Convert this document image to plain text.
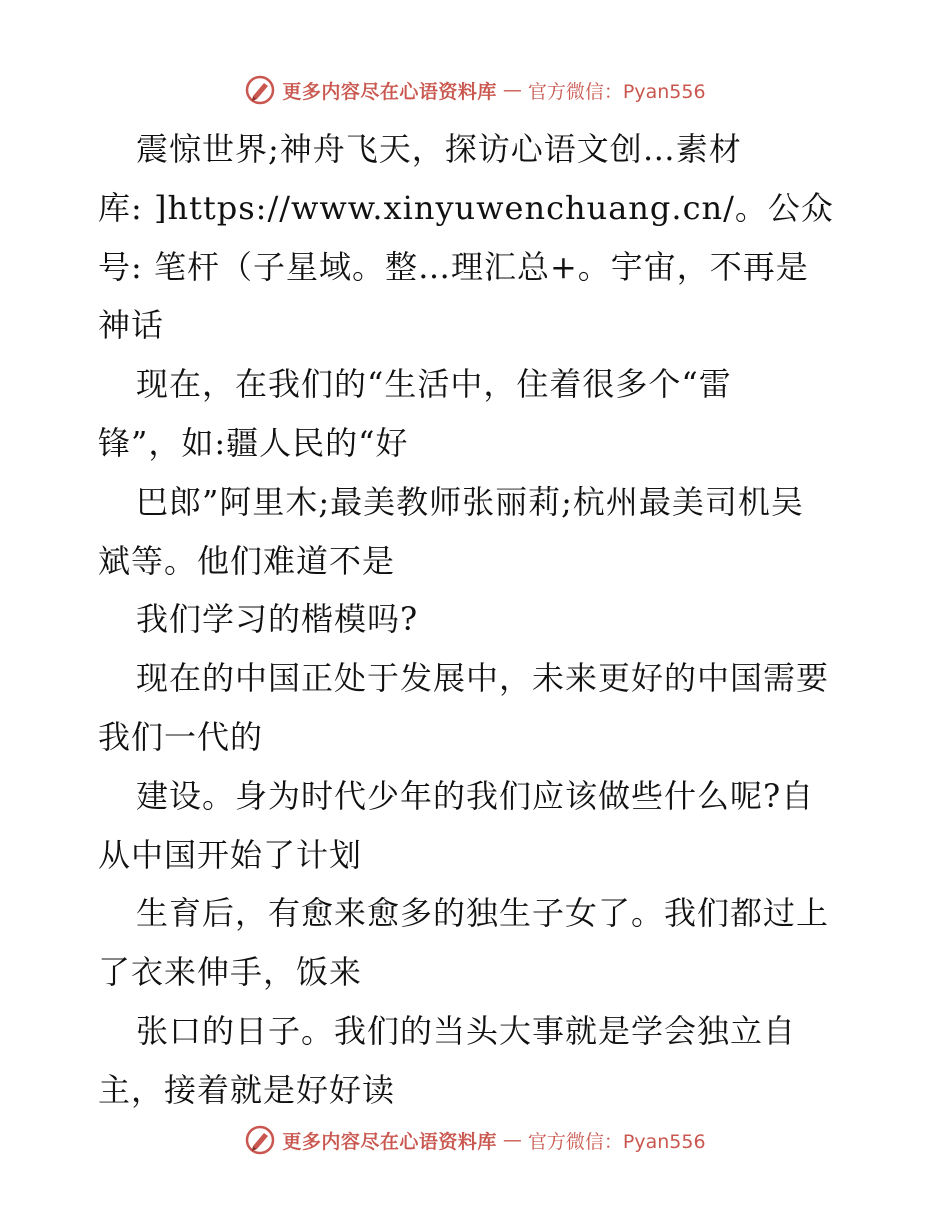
更多内容尽在心语资料库 — 官方微信：Pyan556
震惊世界;神舟飞天，探访心语文创…素材
库: ]https://www.xinyuwenchuang.cn/。公众
号: 笔杆（子星域。整…理汇总+。宇宙，不再是
神话
现在，在我们的“生活中，住着很多个“雷
锋”，如:疆人民的“好
巴郎”阿里木;最美教师张丽莉;杭州最美司机吴
斌等。他们难道不是
我们学习的楷模吗?
现在的中国正处于发展中，未来更好的中国需要
我们一代的
建设。身为时代少年的我们应该做些什么呢?自
从中国开始了计划
生育后，有愈来愈多的独生子女了。我们都过上
了衣来伸手，饭来
张口的日子。我们的当头大事就是学会独立自
主，接着就是好好读
更多内容尽在心语资料库 — 官方微信：Pyan556
